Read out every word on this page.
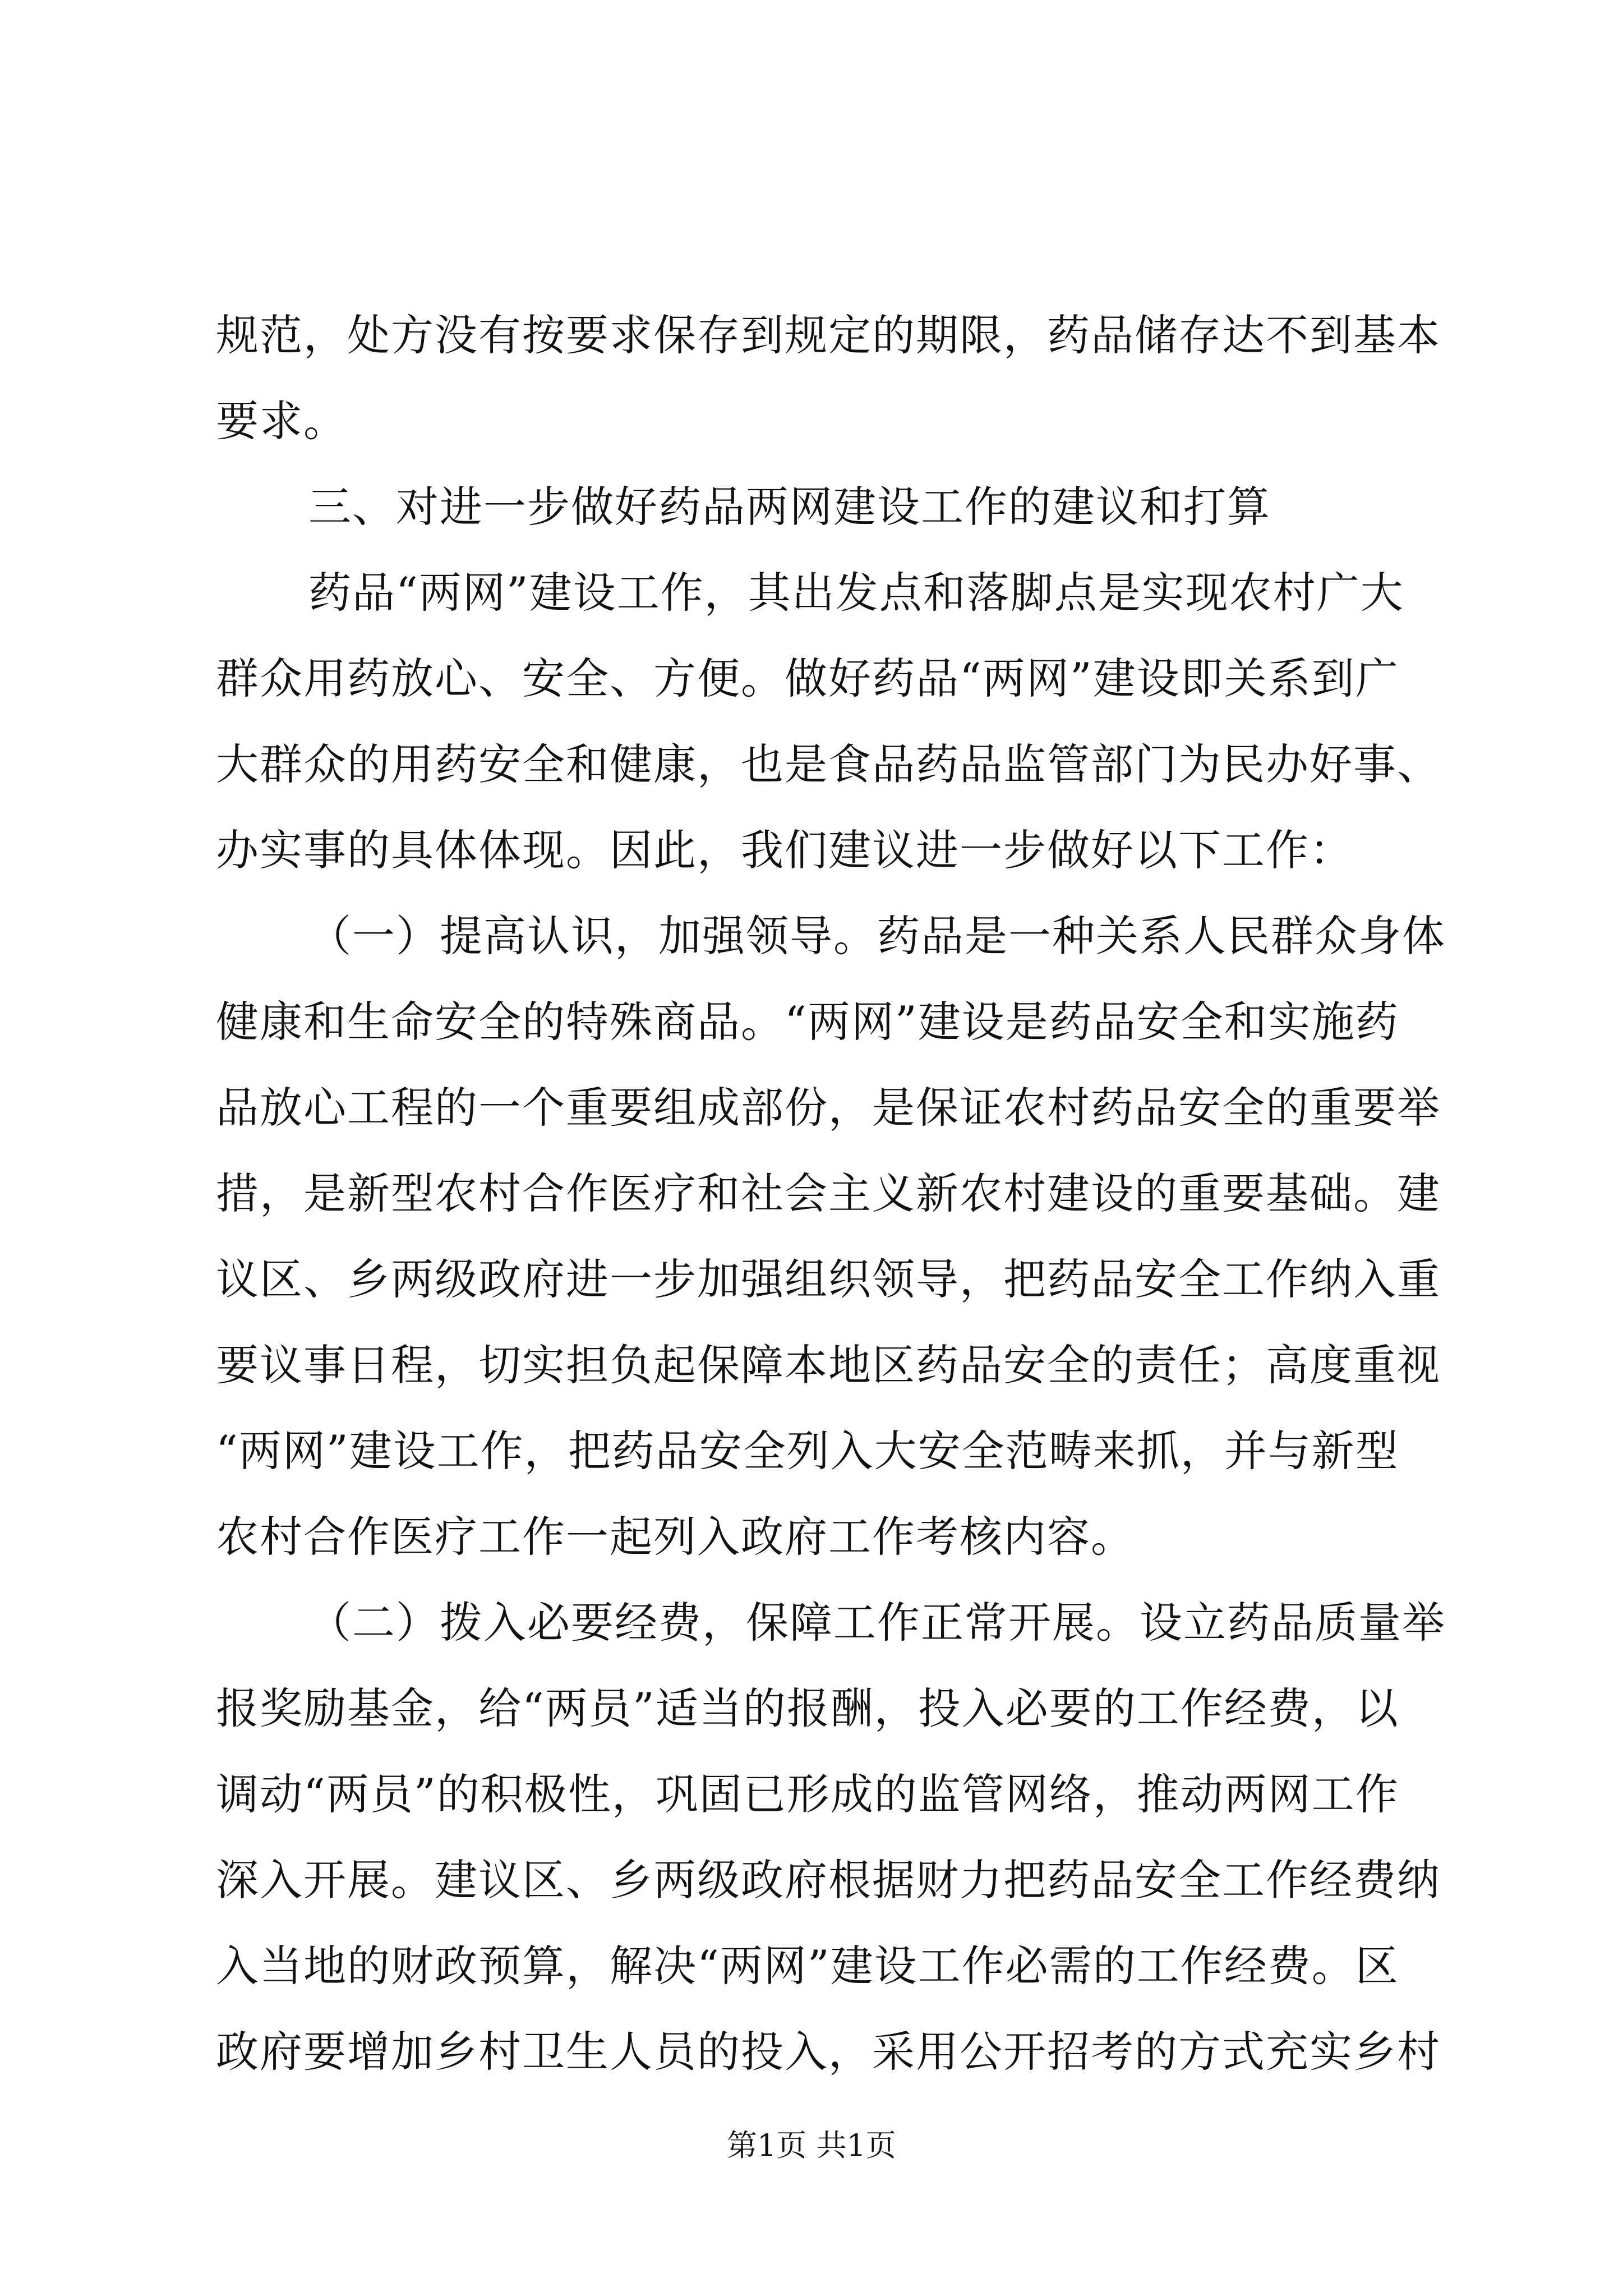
规范，处方没有按要求保存到规定的期限，药品储存达不到基本
要求。
三、对进一步做好药品两网建设工作的建议和打算
药品“两网”建设工作，其出发点和落脚点是实现农村广大
群众用药放心、安全、方便。做好药品“两网”建设即关系到广
大群众的用药安全和健康，也是食品药品监管部门为民办好事、
办实事的具体体现。因此，我们建议进一步做好以下工作：
（一）提高认识，加强领导。药品是一种关系人民群众身体
健康和生命安全的特殊商品。“两网”建设是药品安全和实施药
品放心工程的一个重要组成部份，是保证农村药品安全的重要举
措，是新型农村合作医疗和社会主义新农村建设的重要基础。建
议区、乡两级政府进一步加强组织领导，把药品安全工作纳入重
要议事日程，切实担负起保障本地区药品安全的责任；高度重视
“两网”建设工作，把药品安全列入大安全范畴来抓，并与新型
农村合作医疗工作一起列入政府工作考核内容。
（二）拨入必要经费，保障工作正常开展。设立药品质量举
报奖励基金，给“两员”适当的报酬，投入必要的工作经费，以
调动“两员”的积极性，巩固已形成的监管网络，推动两网工作
深入开展。建议区、乡两级政府根据财力把药品安全工作经费纳
入当地的财政预算，解决“两网”建设工作必需的工作经费。区
政府要增加乡村卫生人员的投入，采用公开招考的方式充实乡村
第1页 共1页
